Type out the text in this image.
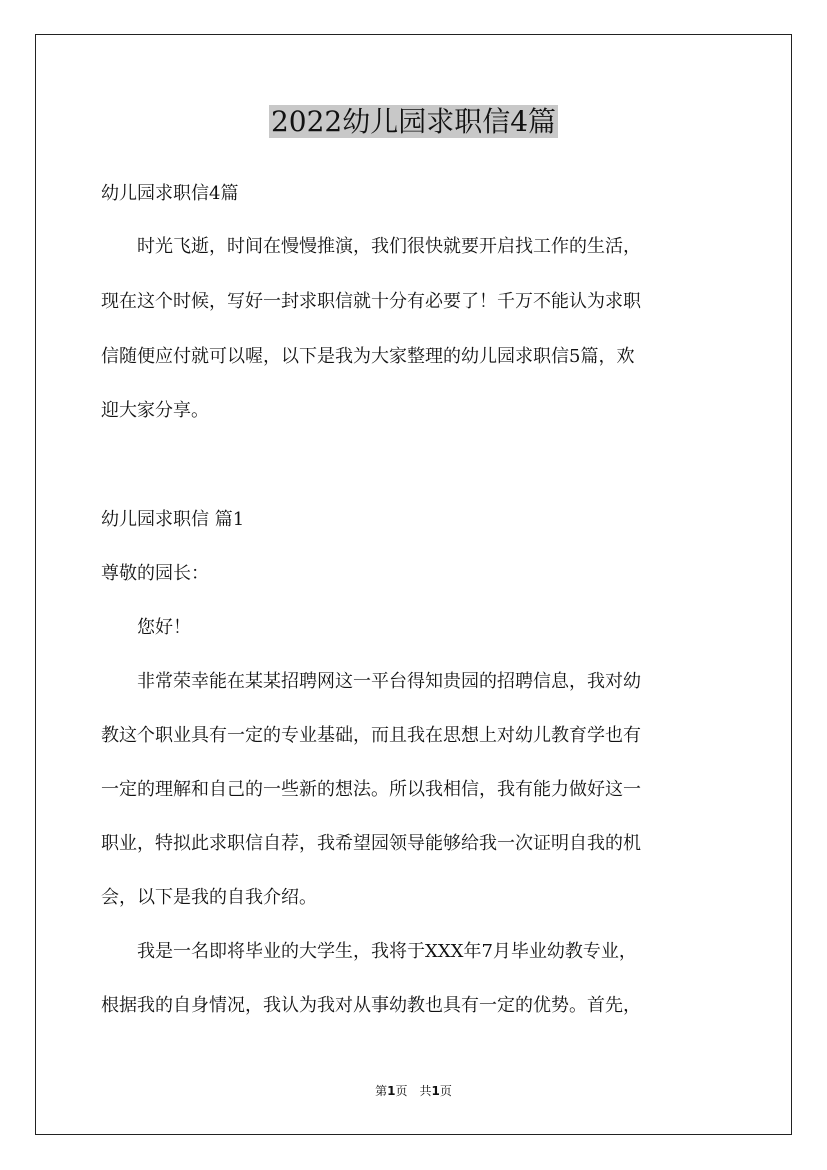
2022幼儿园求职信4篇

幼儿园求职信4篇

　　时光飞逝，时间在慢慢推演，我们很快就要开启找工作的生活，

现在这个时候，写好一封求职信就十分有必要了！千万不能认为求职

信随便应付就可以喔，以下是我为大家整理的幼儿园求职信5篇，欢

迎大家分享。

幼儿园求职信 篇1

尊敬的园长：

　　您好！

　　非常荣幸能在某某招聘网这一平台得知贵园的招聘信息，我对幼

教这个职业具有一定的专业基础，而且我在思想上对幼儿教育学也有

一定的理解和自己的一些新的想法。所以我相信，我有能力做好这一

职业，特拟此求职信自荐，我希望园领导能够给我一次证明自我的机

会，以下是我的自我介绍。

　　我是一名即将毕业的大学生，我将于XXX年7月毕业幼教专业，

根据我的自身情况，我认为我对从事幼教也具有一定的优势。首先，

第1页　共1页
